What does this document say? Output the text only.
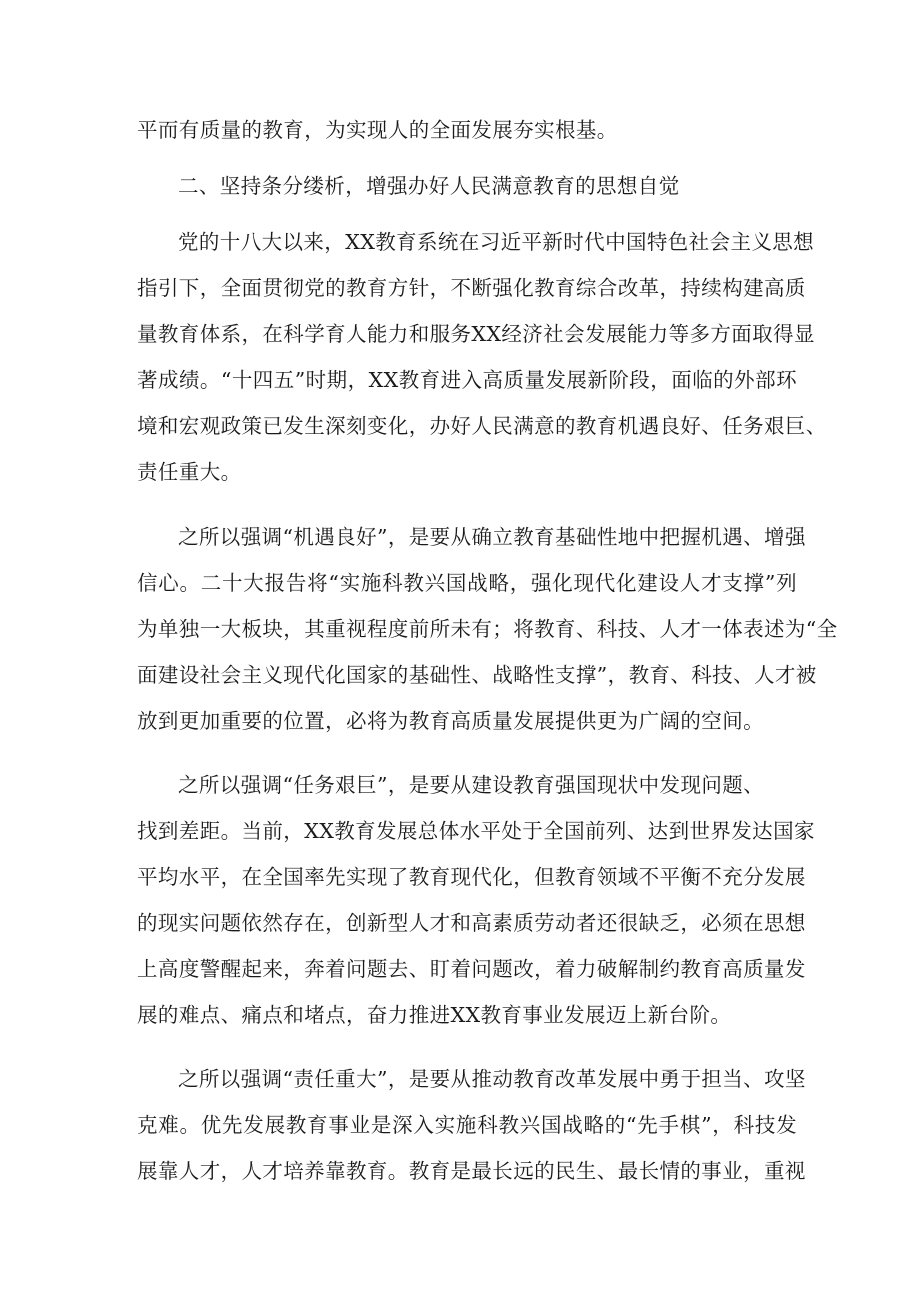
平而有质量的教育，为实现人的全面发展夯实根基。
二、坚持条分缕析，增强办好人民满意教育的思想自觉
党的十八大以来，XX教育系统在习近平新时代中国特色社会主义思想
指引下，全面贯彻党的教育方针，不断强化教育综合改革，持续构建高质
量教育体系，在科学育人能力和服务XX经济社会发展能力等多方面取得显
著成绩。“十四五”时期，XX教育进入高质量发展新阶段，面临的外部环
境和宏观政策已发生深刻变化，办好人民满意的教育机遇良好、任务艰巨、
责任重大。
之所以强调“机遇良好”，是要从确立教育基础性地中把握机遇、增强
信心。二十大报告将“实施科教兴国战略，强化现代化建设人才支撑”列
为单独一大板块，其重视程度前所未有；将教育、科技、人才一体表述为“全
面建设社会主义现代化国家的基础性、战略性支撑”，教育、科技、人才被
放到更加重要的位置，必将为教育高质量发展提供更为广阔的空间。
之所以强调“任务艰巨”，是要从建设教育强国现状中发现问题、
找到差距。当前，XX教育发展总体水平处于全国前列、达到世界发达国家
平均水平，在全国率先实现了教育现代化，但教育领域不平衡不充分发展
的现实问题依然存在，创新型人才和高素质劳动者还很缺乏，必须在思想
上高度警醒起来，奔着问题去、盯着问题改，着力破解制约教育高质量发
展的难点、痛点和堵点，奋力推进XX教育事业发展迈上新台阶。
之所以强调“责任重大”，是要从推动教育改革发展中勇于担当、攻坚
克难。优先发展教育事业是深入实施科教兴国战略的“先手棋”，科技发
展靠人才，人才培养靠教育。教育是最长远的民生、最长情的事业，重视
